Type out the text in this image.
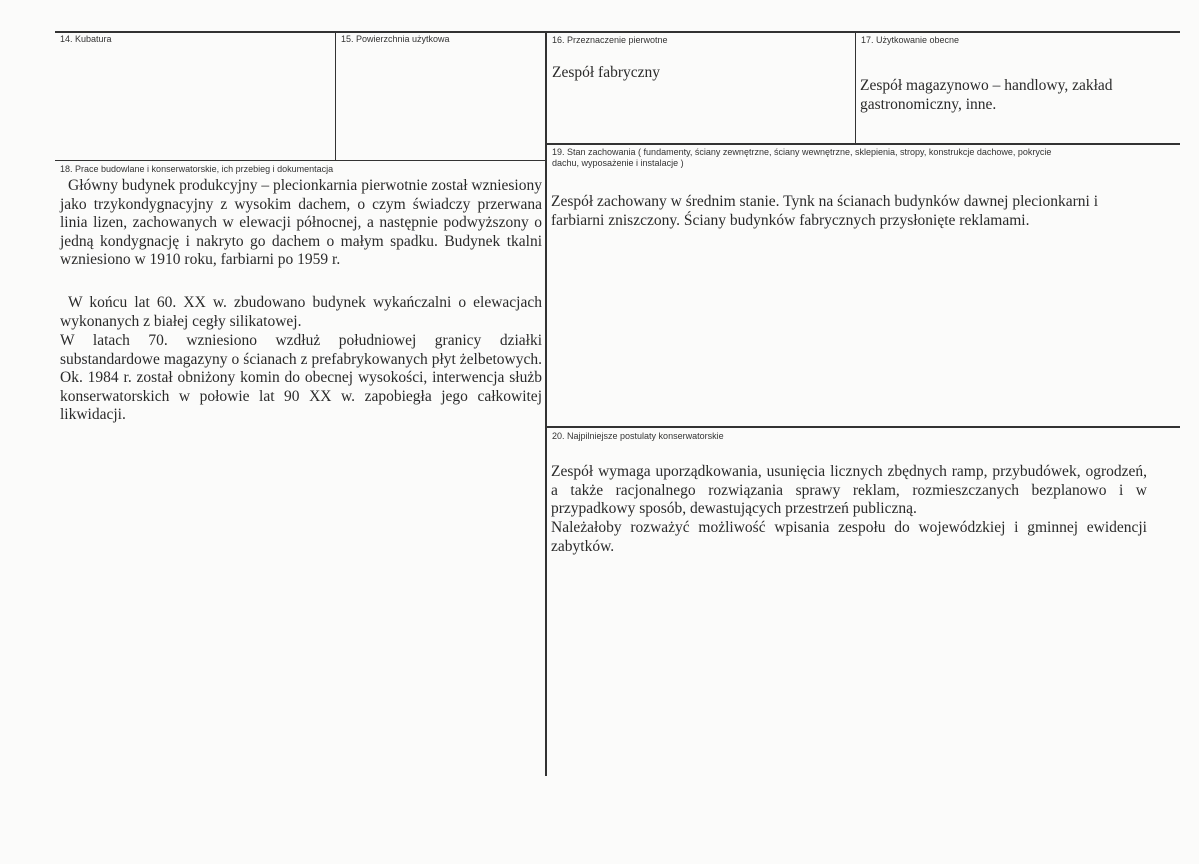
14. Kubatura	15. Powierzchnia użytkowa	16. Przeznaczenie pierwotne
Zespół fabryczny
17. Użytkowanie obecne
Zespół magazynowo – handlowy, zakład gastronomiczny, inne.
18. Prace budowlane i konserwatorskie, ich przebieg i dokumentacja
Główny budynek produkcyjny – plecionkarnia pierwotnie został wzniesiony jako trzykondygnacyjny z wysokim dachem, o czym świadczy przerwana linia lizen, zachowanych w elewacji północnej, a następnie podwyższony o jedną kondygnację i nakryto go dachem o małym spadku. Budynek tkalni wzniesiono w 1910 roku, farbiarni po 1959 r.
W końcu lat 60. XX w. zbudowano budynek wykańczalni o elewacjach wykonanych z białej cegły silikatowej.
W latach 70. wzniesiono wzdłuż południowej granicy działki substandardowe magazyny o ścianach z prefabrykowanych płyt żelbetowych. Ok. 1984 r. został obniżony komin do obecnej wysokości, interwencja służb konserwatorskich w połowie lat 90 XX w. zapobiegła jego całkowitej likwidacji.
19. Stan zachowania ( fundamenty, ściany zewnętrzne, ściany wewnętrzne, sklepienia, stropy, konstrukcje dachowe, pokrycie dachu, wyposażenie i instalacje )
Zespół zachowany w średnim stanie. Tynk na ścianach budynków dawnej plecionkarni i farbiarni zniszczony. Ściany budynków fabrycznych przysłonięte reklamami.
20. Najpilniejsze postulaty konserwatorskie
Zespół wymaga uporządkowania, usunięcia licznych zbędnych ramp, przybudówek, ogrodzeń, a także racjonalnego rozwiązania sprawy reklam, rozmieszczanych bezplanowo i w przypadkowy sposób, dewastujących przestrzeń publiczną.
Należałoby rozważyć możliwość wpisania zespołu do wojewódzkiej i gminnej ewidencji zabytków.
